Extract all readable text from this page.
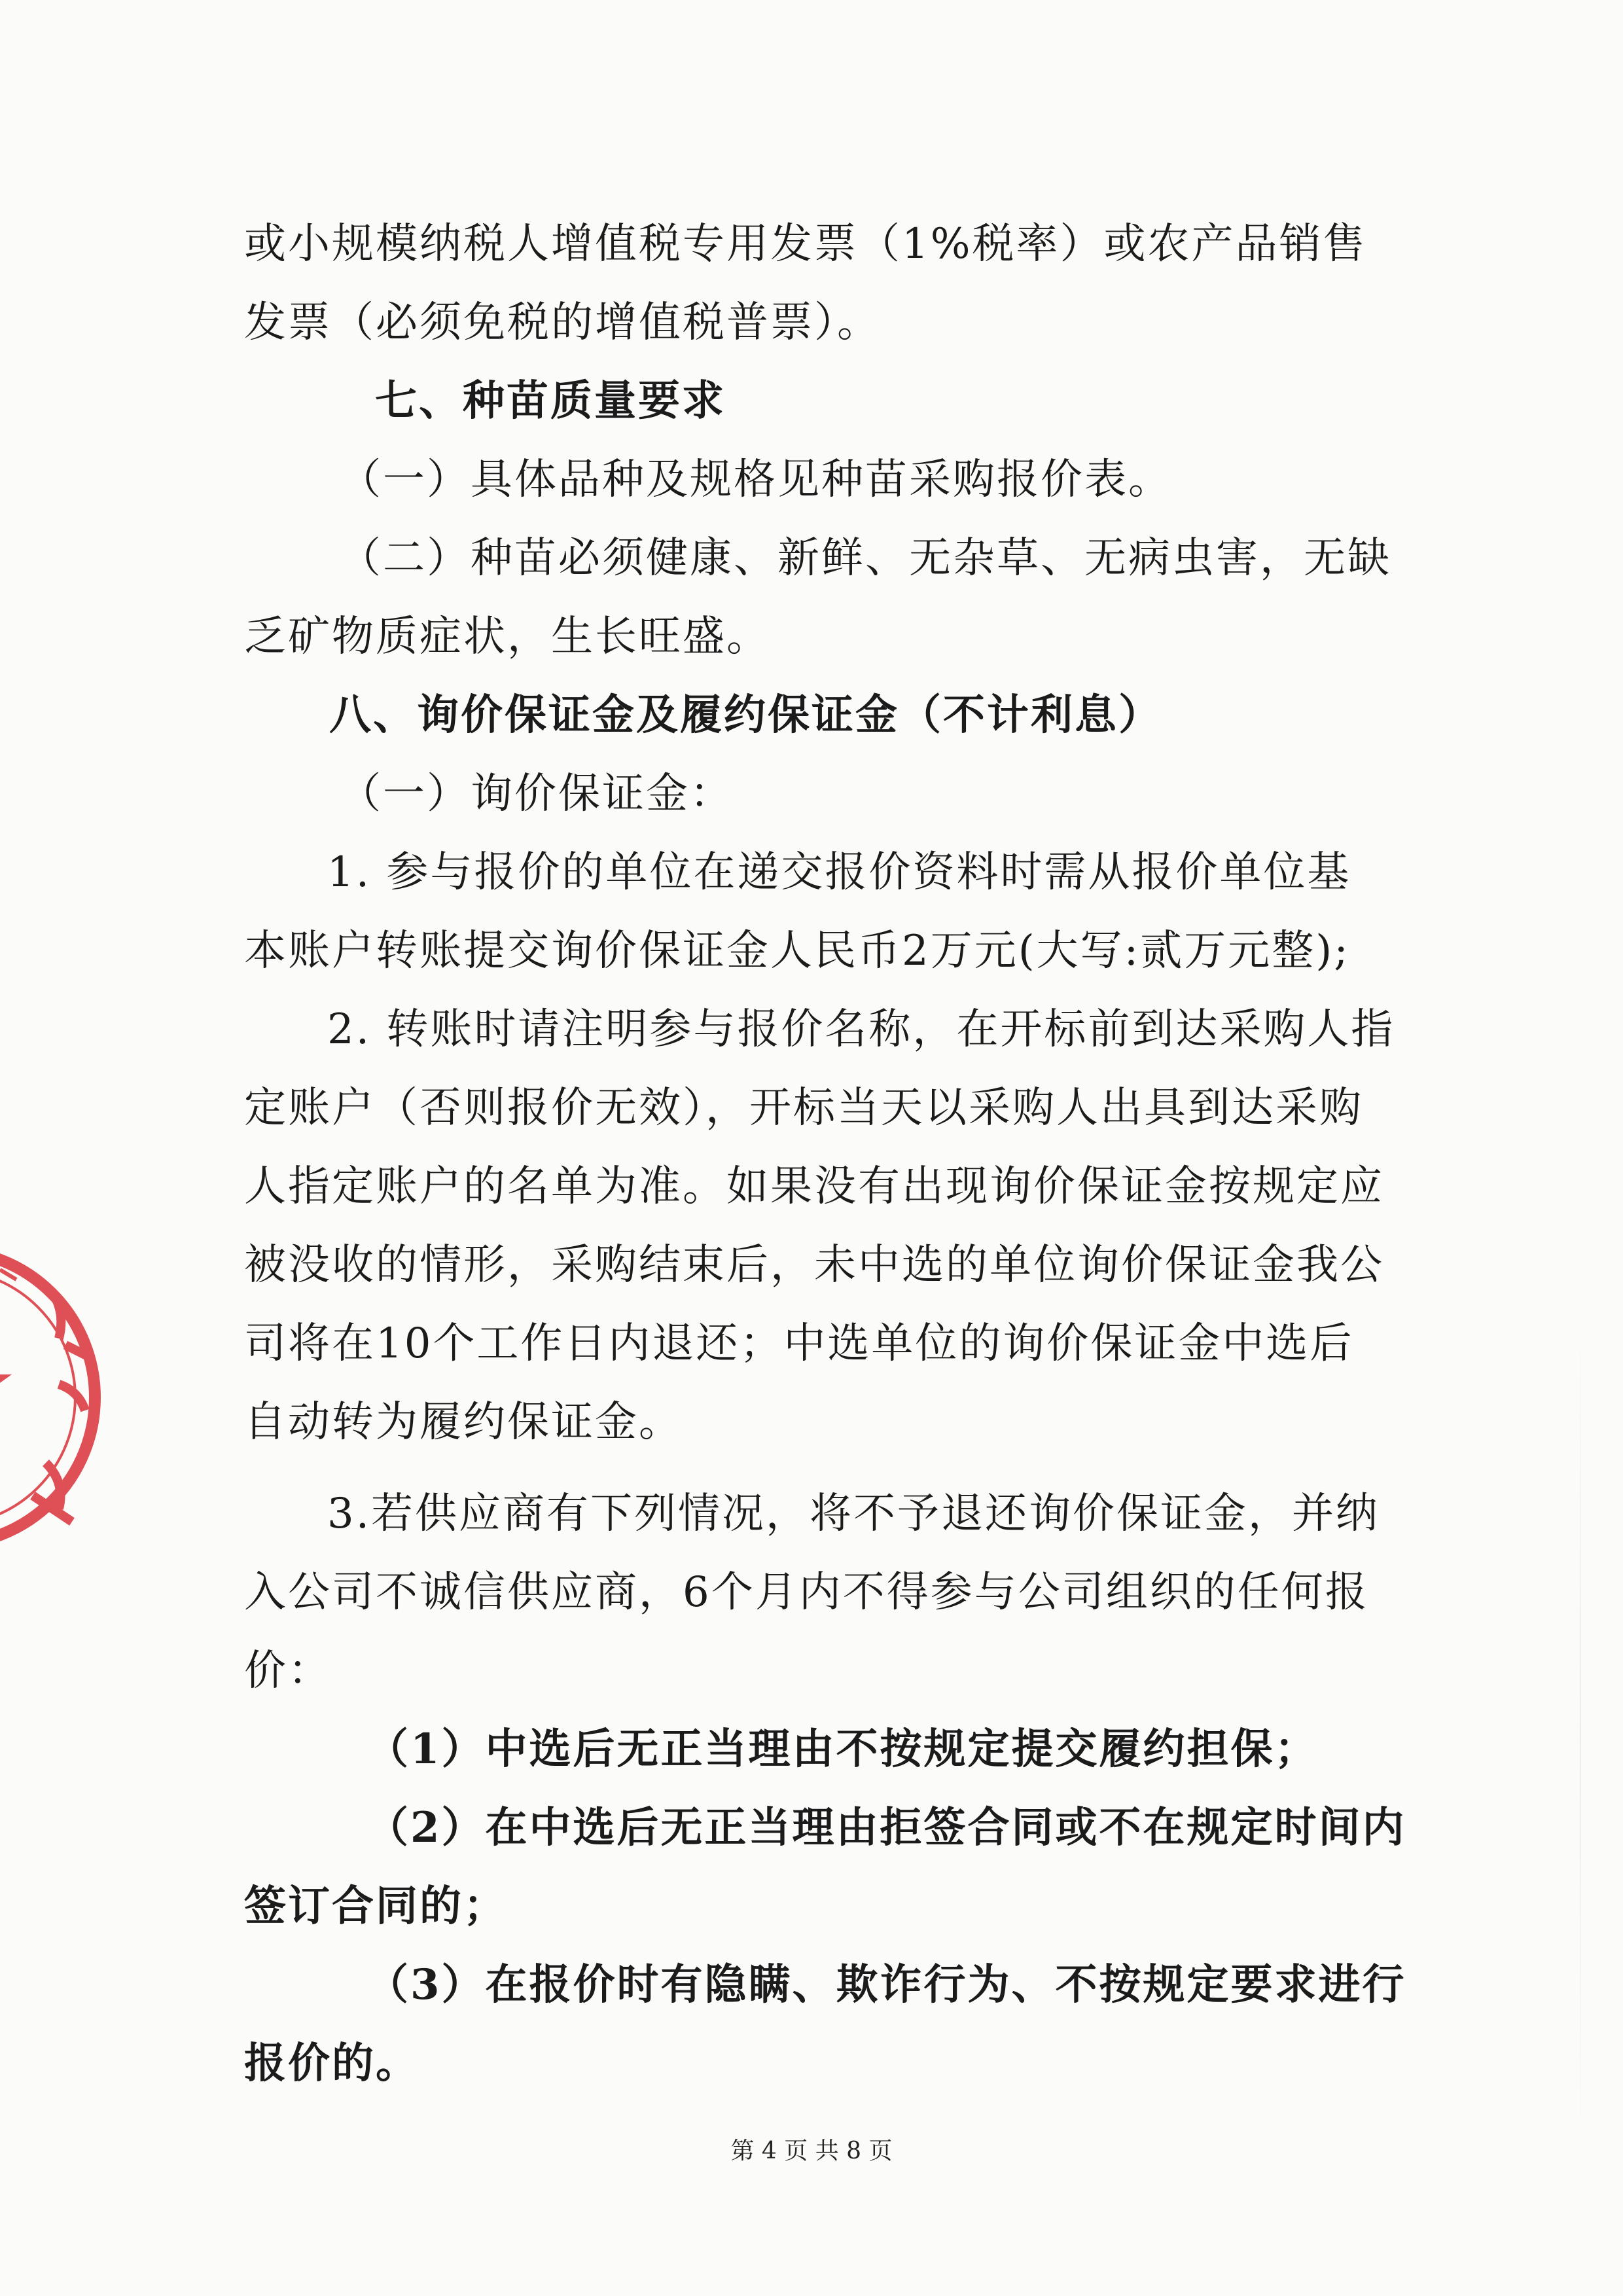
或小规模纳税人增值税专用发票（1%税率）或农产品销售
发票（必须免税的增值税普票）。
七、种苗质量要求
（一）具体品种及规格见种苗采购报价表。
（二）种苗必须健康、新鲜、无杂草、无病虫害，无缺
乏矿物质症状，生长旺盛。
八、询价保证金及履约保证金（不计利息）
（一）询价保证金：
1. 参与报价的单位在递交报价资料时需从报价单位基
本账户转账提交询价保证金人民币2万元(大写:贰万元整);
2. 转账时请注明参与报价名称，在开标前到达采购人指
定账户（否则报价无效），开标当天以采购人出具到达采购
人指定账户的名单为准。如果没有出现询价保证金按规定应
被没收的情形，采购结束后，未中选的单位询价保证金我公
司将在10个工作日内退还；中选单位的询价保证金中选后
自动转为履约保证金。
3.若供应商有下列情况，将不予退还询价保证金，并纳
入公司不诚信供应商，6个月内不得参与公司组织的任何报
价：
（1）中选后无正当理由不按规定提交履约担保；
（2）在中选后无正当理由拒签合同或不在规定时间内
签订合同的；
（3）在报价时有隐瞒、欺诈行为、不按规定要求进行
报价的。
第 4 页 共 8 页
